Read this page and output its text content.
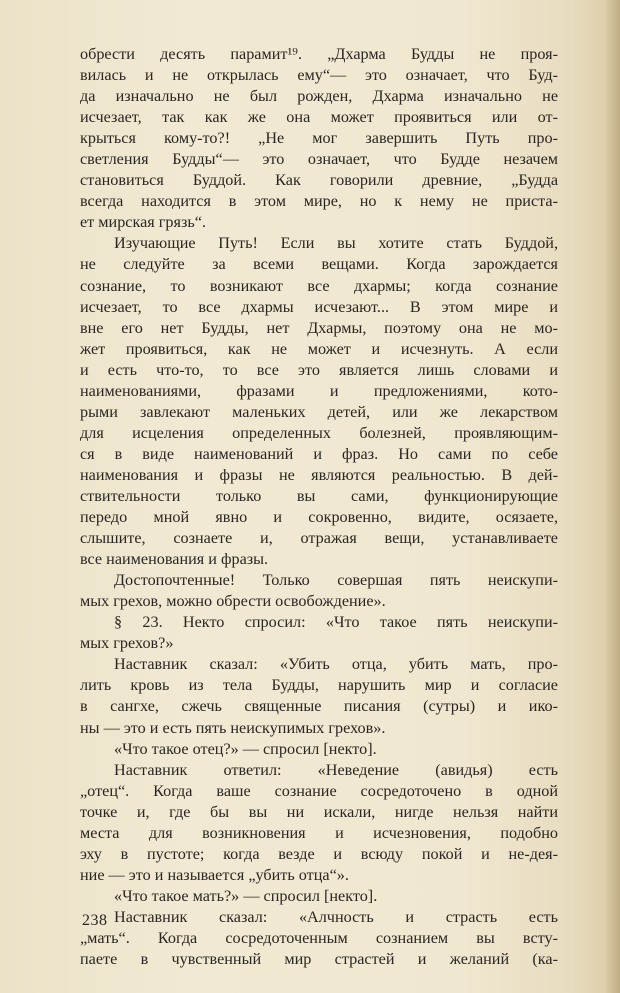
обрести десять парамит¹⁹. „Дхарма Будды не проя-
вилась и не открылась ему“— это означает, что Буд-
да изначально не был рожден, Дхарма изначально не
исчезает, так как же она может проявиться или от-
крыться кому-то?! „Не мог завершить Путь про-
светления Будды“— это означает, что Будде незачем
становиться Буддой. Как говорили древние, „Будда
всегда находится в этом мире, но к нему не приста-
ет мирская грязь“.
Изучающие Путь! Если вы хотите стать Буддой,
не следуйте за всеми вещами. Когда зарождается
сознание, то возникают все дхармы; когда сознание
исчезает, то все дхармы исчезают... В этом мире и
вне его нет Будды, нет Дхармы, поэтому она не мо-
жет проявиться, как не может и исчезнуть. А если
и есть что-то, то все это является лишь словами и
наименованиями, фразами и предложениями, кото-
рыми завлекают маленьких детей, или же лекарством
для исцеления определенных болезней, проявляющим-
ся в виде наименований и фраз. Но сами по себе
наименования и фразы не являются реальностью. В дей-
ствительности только вы сами, функционирующие
передо мной явно и сокровенно, видите, осязаете,
слышите, сознаете и, отражая вещи, устанавливаете
все наименования и фразы.
Достопочтенные! Только совершая пять неискупи-
мых грехов, можно обрести освобождение».
§ 23. Некто спросил: «Что такое пять неискупи-
мых грехов?»
Наставник сказал: «Убить отца, убить мать, про-
лить кровь из тела Будды, нарушить мир и согласие
в сангхе, сжечь священные писания (сутры) и ико-
ны — это и есть пять неискупимых грехов».
«Что такое отец?» — спросил [некто].
Наставник ответил: «Неведение (авидья) есть
„отец“. Когда ваше сознание сосредоточено в одной
точке и, где бы вы ни искали, нигде нельзя найти
места для возникновения и исчезновения, подобно
эху в пустоте; когда везде и всюду покой и не-дея-
ние — это и называется „убить отца“».
«Что такое мать?» — спросил [некто].
Наставник сказал: «Алчность и страсть есть
„мать“. Когда сосредоточенным сознанием вы всту-
паете в чувственный мир страстей и желаний (ка-
238
